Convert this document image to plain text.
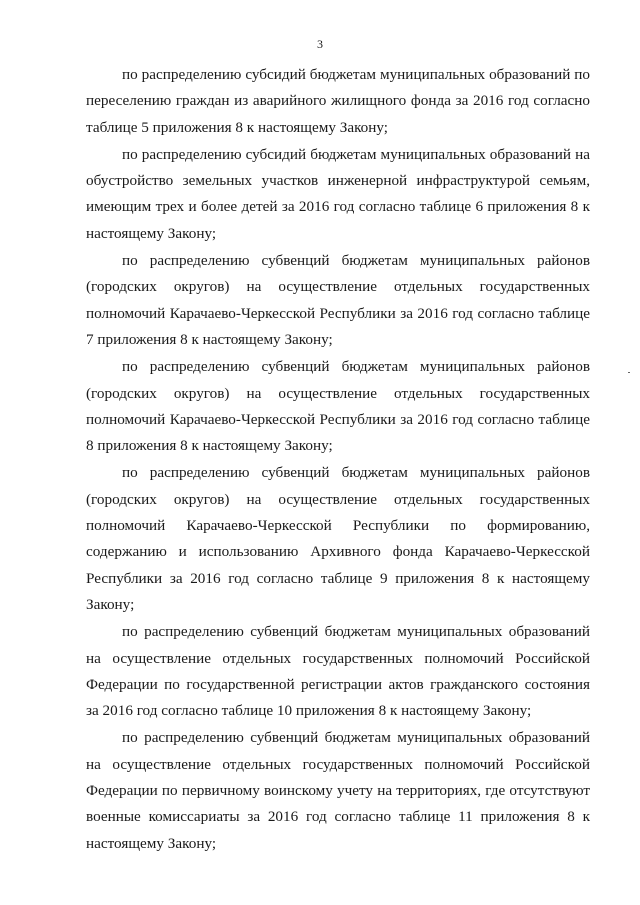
3

по распределению субсидий бюджетам муниципальных образований по переселению граждан из аварийного жилищного фонда за 2016 год согласно таблице 5 приложения 8 к настоящему Закону;

по распределению субсидий бюджетам муниципальных образований на обустройство земельных участков инженерной инфраструктурой семьям, имеющим трех и более детей за 2016 год согласно таблице 6 приложения 8 к настоящему Закону;

по распределению субвенций бюджетам муниципальных районов (городских округов) на осуществление отдельных государственных полномочий Карачаево-Черкесской Республики за 2016 год согласно таблице 7 приложения 8 к настоящему Закону;

по распределению субвенций бюджетам муниципальных районов (городских округов) на осуществление отдельных государственных полномочий Карачаево-Черкесской Республики за 2016 год согласно таблице 8 приложения 8 к настоящему Закону;

по распределению субвенций бюджетам муниципальных районов (городских округов) на осуществление отдельных государственных полномочий Карачаево-Черкесской Республики по формированию, содержанию и использованию Архивного фонда Карачаево-Черкесской Республики за 2016 год согласно таблице 9 приложения 8 к настоящему Закону;

по распределению субвенций бюджетам муниципальных образований на осуществление отдельных государственных полномочий Российской Федерации по государственной регистрации актов гражданского состояния за 2016 год согласно таблице 10 приложения 8 к настоящему Закону;

по распределению субвенций бюджетам муниципальных образований на осуществление отдельных государственных полномочий Российской Федерации по первичному воинскому учету на территориях, где отсутствуют военные комиссариаты за 2016 год согласно таблице 11 приложения 8 к настоящему Закону;
